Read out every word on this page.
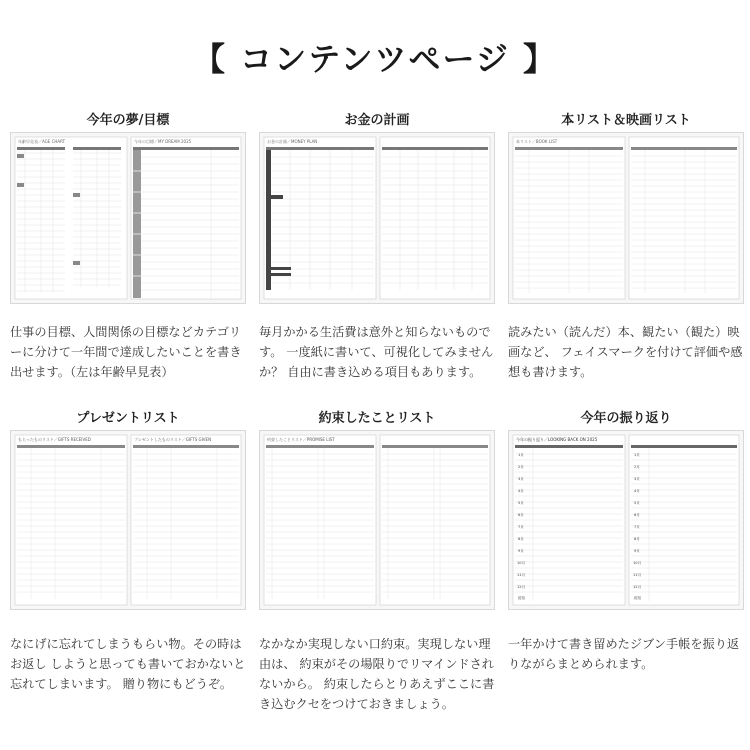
【 コンテンツページ 】
今年の夢/目標
年齢早見表／AGE CHART	今年の目標／MY DREAM 2025
仕事の目標、人間関係の目標などカテゴリーに分けて一年間で達成したいことを書き出せます。（左は年齢早見表）
お金の計画
お金の計画／MONEY PLAN
毎月かかる生活費は意外と知らないものです。 一度紙に書いて、可視化してみませんか？ 自由に書き込める項目もあります。
本リスト＆映画リスト
本リスト／BOOK LIST
読みたい（読んだ）本、観たい（観た）映画など、 フェイスマークを付けて評価や感想も書けます。
プレゼントリスト
もらったものリスト／GIFTS RECEIVED	プレゼントしたものリスト／GIFTS GIVEN
なにげに忘れてしまうもらい物。その時はお返し しようと思っても書いておかないと忘れてしまいます。 贈り物にもどうぞ。
約束したことリスト
約束したことリスト／PROMISE LIST
なかなか実現しない口約束。実現しない理由は、 約束がその場限りでリマインドされないから。 約束したらとりあえずここに書き込むクセをつけておきましょう。
今年の振り返り
今年の振り返り／LOOKING BACK ON 2025
1月
2月
3月
4月
5月
6月
7月
8月
9月
10月
11月
12月
総括
1月
2月
3月
4月
5月
6月
7月
8月
9月
10月
11月
12月
総括
一年かけて書き留めたジブン手帳を振り返りながらまとめられます。
